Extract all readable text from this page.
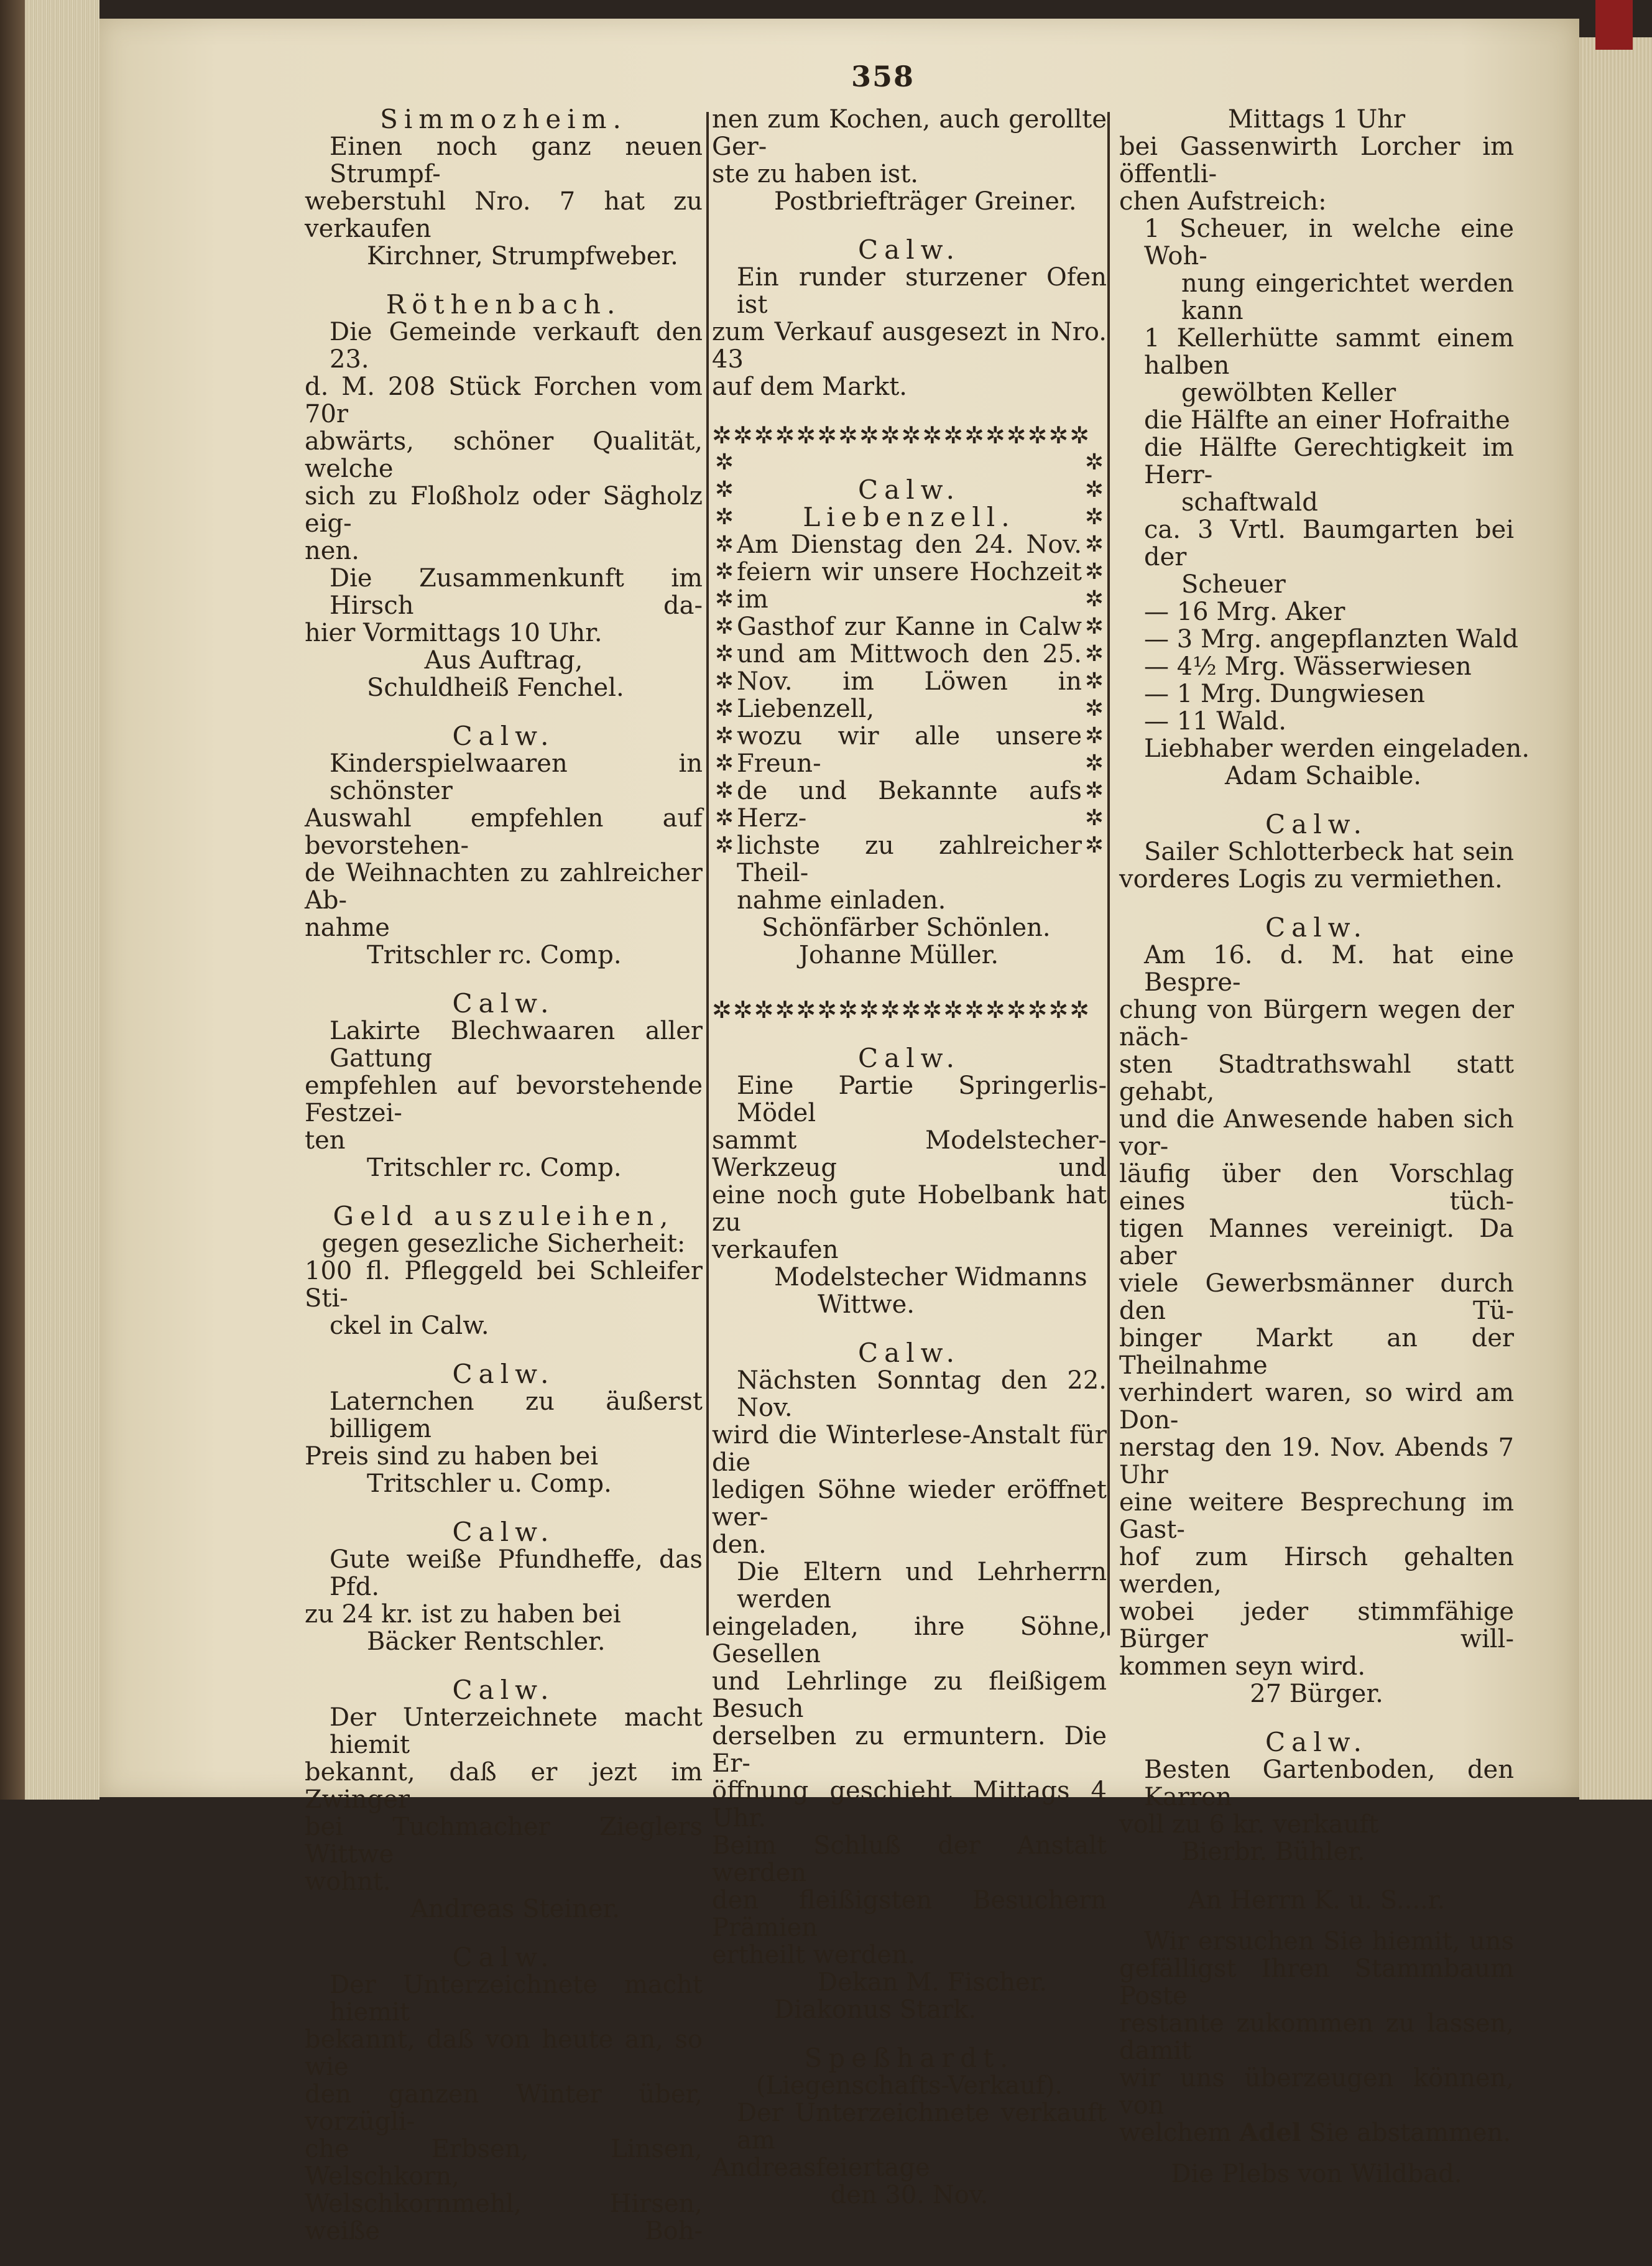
358
Simmozheim.
Einen noch ganz neuen Strumpf-
weberstuhl Nro. 7 hat zu verkaufen
Kirchner, Strumpfweber.
Röthenbach.
Die Gemeinde verkauft den 23.
d. M. 208 Stück Forchen vom 70r
abwärts, schöner Qualität, welche
sich zu Floßholz oder Sägholz eig-
nen.
Die Zusammenkunft im Hirsch da-
hier Vormittags 10 Uhr.
Aus Auftrag,
Schuldheiß Fenchel.
Calw.
Kinderspielwaaren in schönster
Auswahl empfehlen auf bevorstehen-
de Weihnachten zu zahlreicher Ab-
nahme
Tritschler rc. Comp.
Calw.
Lakirte Blechwaaren aller Gattung
empfehlen auf bevorstehende Festzei-
ten
Tritschler rc. Comp.
Geld auszuleihen,
gegen gesezliche Sicherheit:
100 fl. Pfleggeld bei Schleifer Sti-
ckel in Calw.
Calw.
Laternchen zu äußerst billigem
Preis sind zu haben bei
Tritschler u. Comp.
Calw.
Gute weiße Pfundheffe, das Pfd.
zu 24 kr. ist zu haben bei
Bäcker Rentschler.
Calw.
Der Unterzeichnete macht hiemit
bekannt, daß er jezt im Zwinger
bei Tuchmacher Zieglers Wittwe
wohnt.
Andreas Steiner.
Calw.
Der Unterzeichnete macht hiemit
bekannt, daß von heute an, so wie
den ganzen Winter über, vorzügli-
che Erbsen, Linsen, Welschkorn,
Welschkornmehl, Hirsen, weiße Boh-
nen zum Kochen, auch gerollte Ger-
ste zu haben ist.
Postbriefträger Greiner.
Calw.
Ein runder sturzener Ofen ist
zum Verkauf ausgesezt in Nro. 43
auf dem Markt.
✲✲✲✲✲✲✲✲✲✲✲✲✲✲✲✲✲✲
✲
✲
✲
✲
✲
✲
✲
✲
✲
✲
✲
✲
✲
✲
✲

Calw.
Liebenzell.
Am Dienstag den 24. Nov.
feiern wir unsere Hochzeit im
Gasthof zur Kanne in Calw
und am Mittwoch den 25.
Nov. im Löwen in Liebenzell,
wozu wir alle unsere Freun-
de und Bekannte aufs Herz-
lichste zu zahlreicher Theil-
nahme einladen.
Schönfärber Schönlen.
Johanne Müller.

✲
✲
✲
✲
✲
✲
✲
✲
✲
✲
✲
✲
✲
✲
✲
✲✲✲✲✲✲✲✲✲✲✲✲✲✲✲✲✲✲
Calw.
Eine Partie Springerlis-Mödel
sammt Modelstecher-Werkzeug und
eine noch gute Hobelbank hat zu
verkaufen
Modelstecher Widmanns
Wittwe.
Calw.
Nächsten Sonntag den 22. Nov.
wird die Winterlese-Anstalt für die
ledigen Söhne wieder eröffnet wer-
den.
Die Eltern und Lehrherrn werden
eingeladen, ihre Söhne, Gesellen
und Lehrlinge zu fleißigem Besuch
derselben zu ermuntern. Die Er-
öffnung geschieht Mittags 4 Uhr.
Beim Schluß der Anstalt werden
den fleißigsten Besuchern Prämien
ertheilt werden.
Dekan M. Fischer.
Diakonus Stark.
Speßhardt.
(Liegenschafts-Verkauf).
Der Unterzeichnete verkauft am
Andreasfeiertage
den 30. Nov.
Mittags 1 Uhr
bei Gassenwirth Lorcher im öffentli-
chen Aufstreich:
1 Scheuer, in welche eine Woh-
nung eingerichtet werden
kann
1 Kellerhütte sammt einem halben
gewölbten Keller
die Hälfte an einer Hofraithe
die Hälfte Gerechtigkeit im Herr-
schaftwald
ca. 3 Vrtl. Baumgarten bei der
Scheuer
— 16 Mrg. Aker
— 3 Mrg. angepflanzten Wald
— 4½ Mrg. Wässerwiesen
— 1 Mrg. Dungwiesen
— 11 Wald.
Liebhaber werden eingeladen.
Adam Schaible.
Calw.
Sailer Schlotterbeck hat sein
vorderes Logis zu vermiethen.
Calw.
Am 16. d. M. hat eine Bespre-
chung von Bürgern wegen der näch-
sten Stadtrathswahl statt gehabt,
und die Anwesende haben sich vor-
läufig über den Vorschlag eines tüch-
tigen Mannes vereinigt. Da aber
viele Gewerbsmänner durch den Tü-
binger Markt an der Theilnahme
verhindert waren, so wird am Don-
nerstag den 19. Nov. Abends 7 Uhr
eine weitere Besprechung im Gast-
hof zum Hirsch gehalten werden,
wobei jeder stimmfähige Bürger will-
kommen seyn wird.
27 Bürger.
Calw.
Besten Gartenboden, den Karren
voll zu 6 kr. verkauft
Bierbr. Bühler.
An Herrn K. u. S....r.
Wir ersuchen Sie hiemit, uns
gefälligst Ihren Stammbaum Poste
restante zukommen zu lassen, damit
wir uns überzeugen können, von
welchem Adel Sie abstammen.
Die Plebs von Wildbad.
